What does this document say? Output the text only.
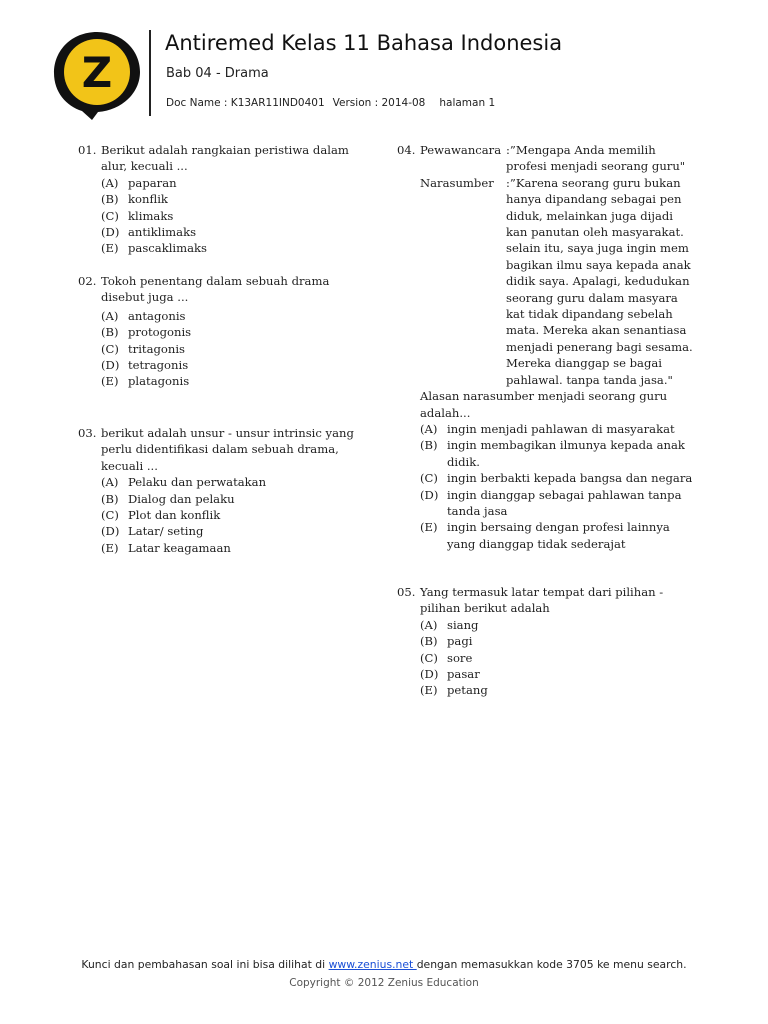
Z
Antiremed Kelas 11 Bahasa Indonesia
Bab 04 - Drama
Doc Name : K13AR11IND0401 Version : 2014-08 halaman 1
01. Berikut adalah rangkaian peristiwa dalam alur, kecuali ...
(A) paparan
(B) konflik
(C) klimaks
(D) antiklimaks
(E) pascaklimaks
02. Tokoh penentang dalam sebuah drama disebut juga ...
(A) antagonis
(B) protogonis
(C) tritagonis
(D) tetragonis
(E) platagonis
03. berikut adalah unsur - unsur intrinsic yang perlu didentifikasi dalam sebuah drama, kecuali ...
(A) Pelaku dan perwatakan
(B) Dialog dan pelaku
(C) Plot dan konflik
(D) Latar/ seting
(E) Latar keagamaan
04. Pewawancara :”Mengapa Anda memilih profesi menjadi seorang guru"
Narasumber :”Karena seorang guru bukan hanya dipandang sebagai pen diduk, melainkan juga dijadi kan panutan oleh masyarakat. selain itu, saya juga ingin mem bagikan ilmu saya kepada anak didik saya. Apalagi, kedudukan seorang guru dalam masyara kat tidak dipandang sebelah mata. Mereka akan senantiasa menjadi penerang bagi sesama. Mereka dianggap se bagai pahlawal. tanpa tanda jasa."
Alasan narasumber menjadi seorang guru adalah...
(A) ingin menjadi pahlawan di masyarakat
(B) ingin membagikan ilmunya kepada anak didik.
(C) ingin berbakti kepada bangsa dan negara
(D) ingin dianggap sebagai pahlawan tanpa tanda jasa
(E) ingin bersaing dengan profesi lainnya yang dianggap tidak sederajat
05. Yang termasuk latar tempat dari pilihan - pilihan berikut adalah
(A) siang
(B) pagi
(C) sore
(D) pasar
(E) petang
Kunci dan pembahasan soal ini bisa dilihat di www.zenius.net dengan memasukkan kode 3705 ke menu search.
Copyright © 2012 Zenius Education
